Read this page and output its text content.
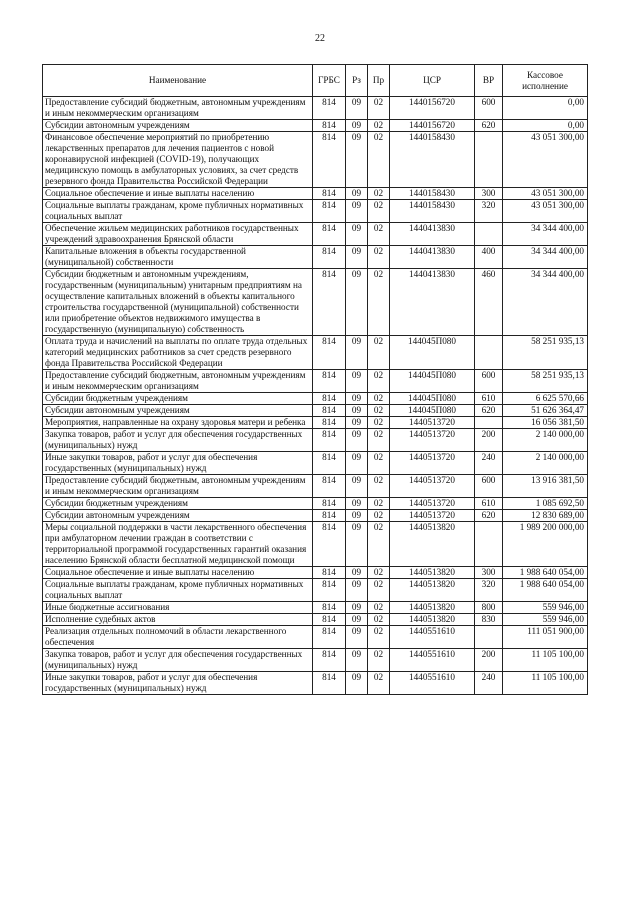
22
Наименование	ГРБС	Рз	Пр	ЦСР	ВР	Кассовое исполнение
Предоставление субсидий бюджетным, автономным учреждениям и иным некоммерческим организациям	814	09	02	1440156720	600	0,00
Субсидии автономным учреждениям	814	09	02	1440156720	620	0,00
Финансовое обеспечение мероприятий по приобретению лекарственных препаратов для лечения пациентов с новой коронавирусной инфекцией (COVID-19), получающих медицинскую помощь в амбулаторных условиях, за счет средств резервного фонда Правительства Российской Федерации	814	09	02	1440158430		43 051 300,00
Социальное обеспечение и иные выплаты населению	814	09	02	1440158430	300	43 051 300,00
Социальные выплаты гражданам, кроме публичных нормативных социальных выплат	814	09	02	1440158430	320	43 051 300,00
Обеспечение жильем медицинских работников государственных учреждений здравоохранения Брянской области	814	09	02	1440413830		34 344 400,00
Капитальные вложения в объекты государственной (муниципальной) собственности	814	09	02	1440413830	400	34 344 400,00
Субсидии бюджетным и автономным учреждениям, государственным (муниципальным) унитарным предприятиям на осуществление капитальных вложений в объекты капитального строительства государственной (муниципальной) собственности или приобретение объектов недвижимого имущества в государственную (муниципальную) собственность	814	09	02	1440413830	460	34 344 400,00
Оплата труда и начислений на выплаты по оплате труда отдельных категорий медицинских работников за счет средств резервного фонда Правительства Российской Федерации	814	09	02	144045П080		58 251 935,13
Предоставление субсидий бюджетным, автономным учреждениям и иным некоммерческим организациям	814	09	02	144045П080	600	58 251 935,13
Субсидии бюджетным учреждениям	814	09	02	144045П080	610	6 625 570,66
Субсидии автономным учреждениям	814	09	02	144045П080	620	51 626 364,47
Мероприятия, направленные на охрану здоровья матери и ребенка	814	09	02	1440513720		16 056 381,50
Закупка товаров, работ и услуг для обеспечения государственных (муниципальных) нужд	814	09	02	1440513720	200	2 140 000,00
Иные закупки товаров, работ и услуг для обеспечения государственных (муниципальных) нужд	814	09	02	1440513720	240	2 140 000,00
Предоставление субсидий бюджетным, автономным учреждениям и иным некоммерческим организациям	814	09	02	1440513720	600	13 916 381,50
Субсидии бюджетным учреждениям	814	09	02	1440513720	610	1 085 692,50
Субсидии автономным учреждениям	814	09	02	1440513720	620	12 830 689,00
Меры социальной поддержки в части лекарственного обеспечения при амбулаторном лечении граждан в соответствии с территориальной программой государственных гарантий оказания населению Брянской области бесплатной медицинской помощи	814	09	02	1440513820		1 989 200 000,00
Социальное обеспечение и иные выплаты населению	814	09	02	1440513820	300	1 988 640 054,00
Социальные выплаты гражданам, кроме публичных нормативных социальных выплат	814	09	02	1440513820	320	1 988 640 054,00
Иные бюджетные ассигнования	814	09	02	1440513820	800	559 946,00
Исполнение судебных актов	814	09	02	1440513820	830	559 946,00
Реализация отдельных полномочий в области лекарственного обеспечения	814	09	02	1440551610		111 051 900,00
Закупка товаров, работ и услуг для обеспечения государственных (муниципальных) нужд	814	09	02	1440551610	200	11 105 100,00
Иные закупки товаров, работ и услуг для обеспечения государственных (муниципальных) нужд	814	09	02	1440551610	240	11 105 100,00
